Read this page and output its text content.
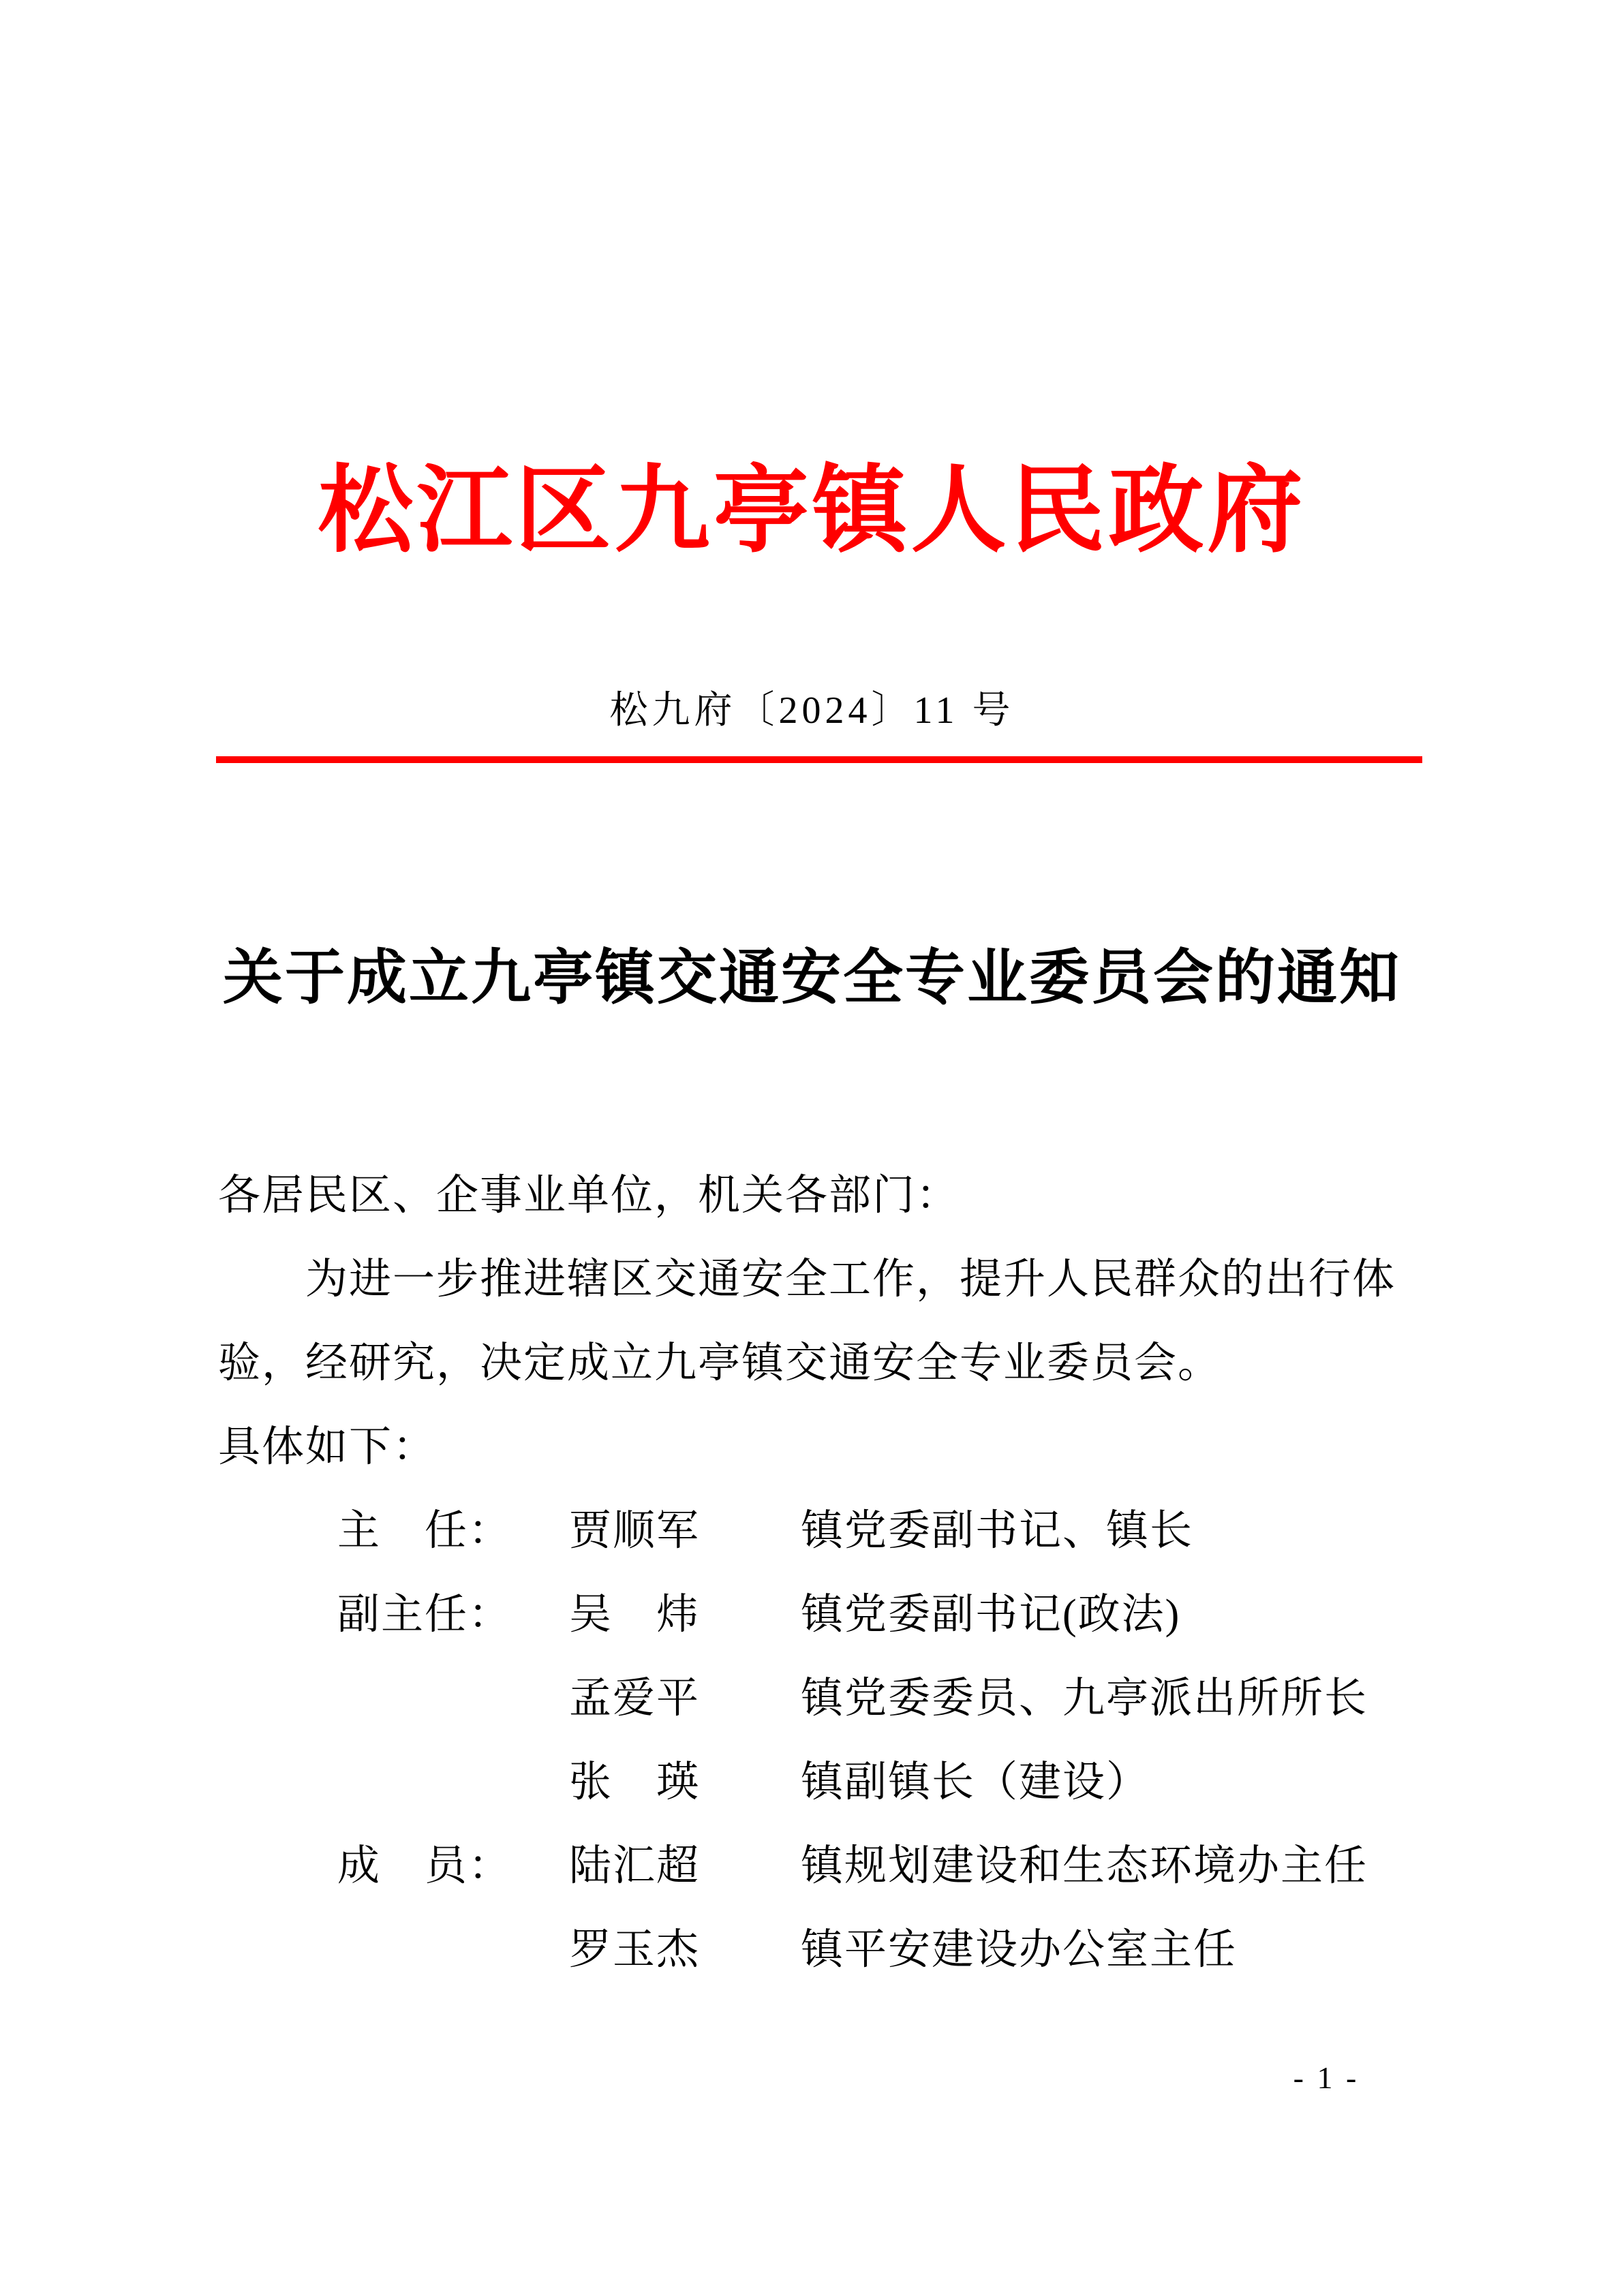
松江区九亭镇人民政府
松九府〔2024〕11 号
关于成立九亭镇交通安全专业委员会的通知
各居民区、企事业单位，机关各部门：
为进一步推进辖区交通安全工作，提升人民群众的出行体
验，经研究，决定成立九亭镇交通安全专业委员会。
具体如下：
主　任： 贾顺军 镇党委副书记、镇长
副主任： 吴　炜 镇党委副书记(政法)
孟爱平 镇党委委员、九亭派出所所长
张　瑛 镇副镇长（建设）
成　员： 陆汇超 镇规划建设和生态环境办主任
罗玉杰 镇平安建设办公室主任
- 1 -
